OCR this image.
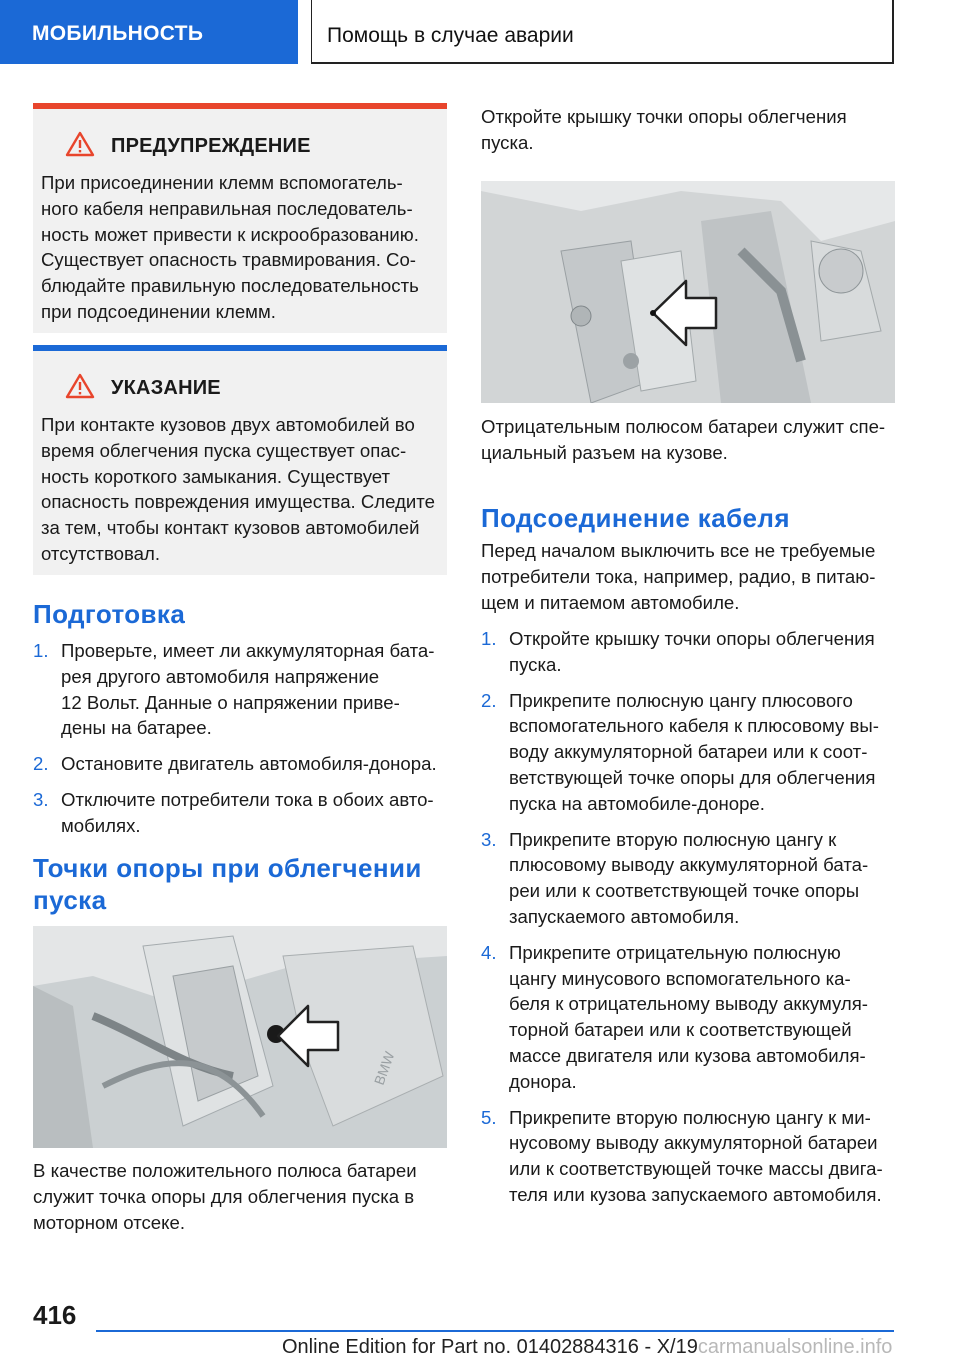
МОБИЛЬНОСТЬ	Помощь в случае аварии
ПРЕДУПРЕЖДЕНИЕ

При присоединении клемм вспомогатель-
ного кабеля неправильная последователь-
ность может привести к искрообразованию.
Существует опасность травмирования. Со-
блюдайте правильную последовательность
при подсоединении клемм.

УКАЗАНИЕ

При контакте кузовов двух автомобилей во
время облегчения пуска существует опас-
ность короткого замыкания. Существует
опасность повреждения имущества. Следите
за тем, чтобы контакт кузовов автомобилей
отсутствовал.

Подготовка
1. Проверьте, имеет ли аккумуляторная бата-
рея другого автомобиля напряжение
12 Вольт. Данные о напряжении приве-
дены на батарее.
2. Остановите двигатель автомобиля-донора.
3. Отключите потребители тока в обоих авто-
мобилях.
Точки опоры при облегчении
пуска
BMW

В качестве положительного полюса батареи
служит точка опоры для облегчения пуска в
моторном отсеке.

Откройте крышку точки опоры облегчения
пуска.

Отрицательным полюсом батареи служит спе-
циальный разъем на кузове.

Подсоединение кабеля

Перед началом выключить все не требуемые
потребители тока, например, радио, в питаю-
щем и питаемом автомобиле.

1. Откройте крышку точки опоры облегчения
пуска.
2. Прикрепите полюсную цангу плюсового
вспомогательного кабеля к плюсовому вы-
воду аккумуляторной батареи или к соот-
ветствующей точке опоры для облегчения
пуска на автомобиле-доноре.
3. Прикрепите вторую полюсную цангу к
плюсовому выводу аккумуляторной бата-
реи или к соответствующей точке опоры
запускаемого автомобиля.
4. Прикрепите отрицательную полюсную
цангу минусового вспомогательного ка-
беля к отрицательному выводу аккумуля-
торной батареи или к соответствующей
массе двигателя или кузова автомобиля-
донора.
5. Прикрепите вторую полюсную цангу к ми-
нусовому выводу аккумуляторной батареи
или к соответствующей точке массы двига-
теля или кузова запускаемого автомобиля.
416
Online Edition for Part no. 01402884316 - X/19carmanualsonline.info
